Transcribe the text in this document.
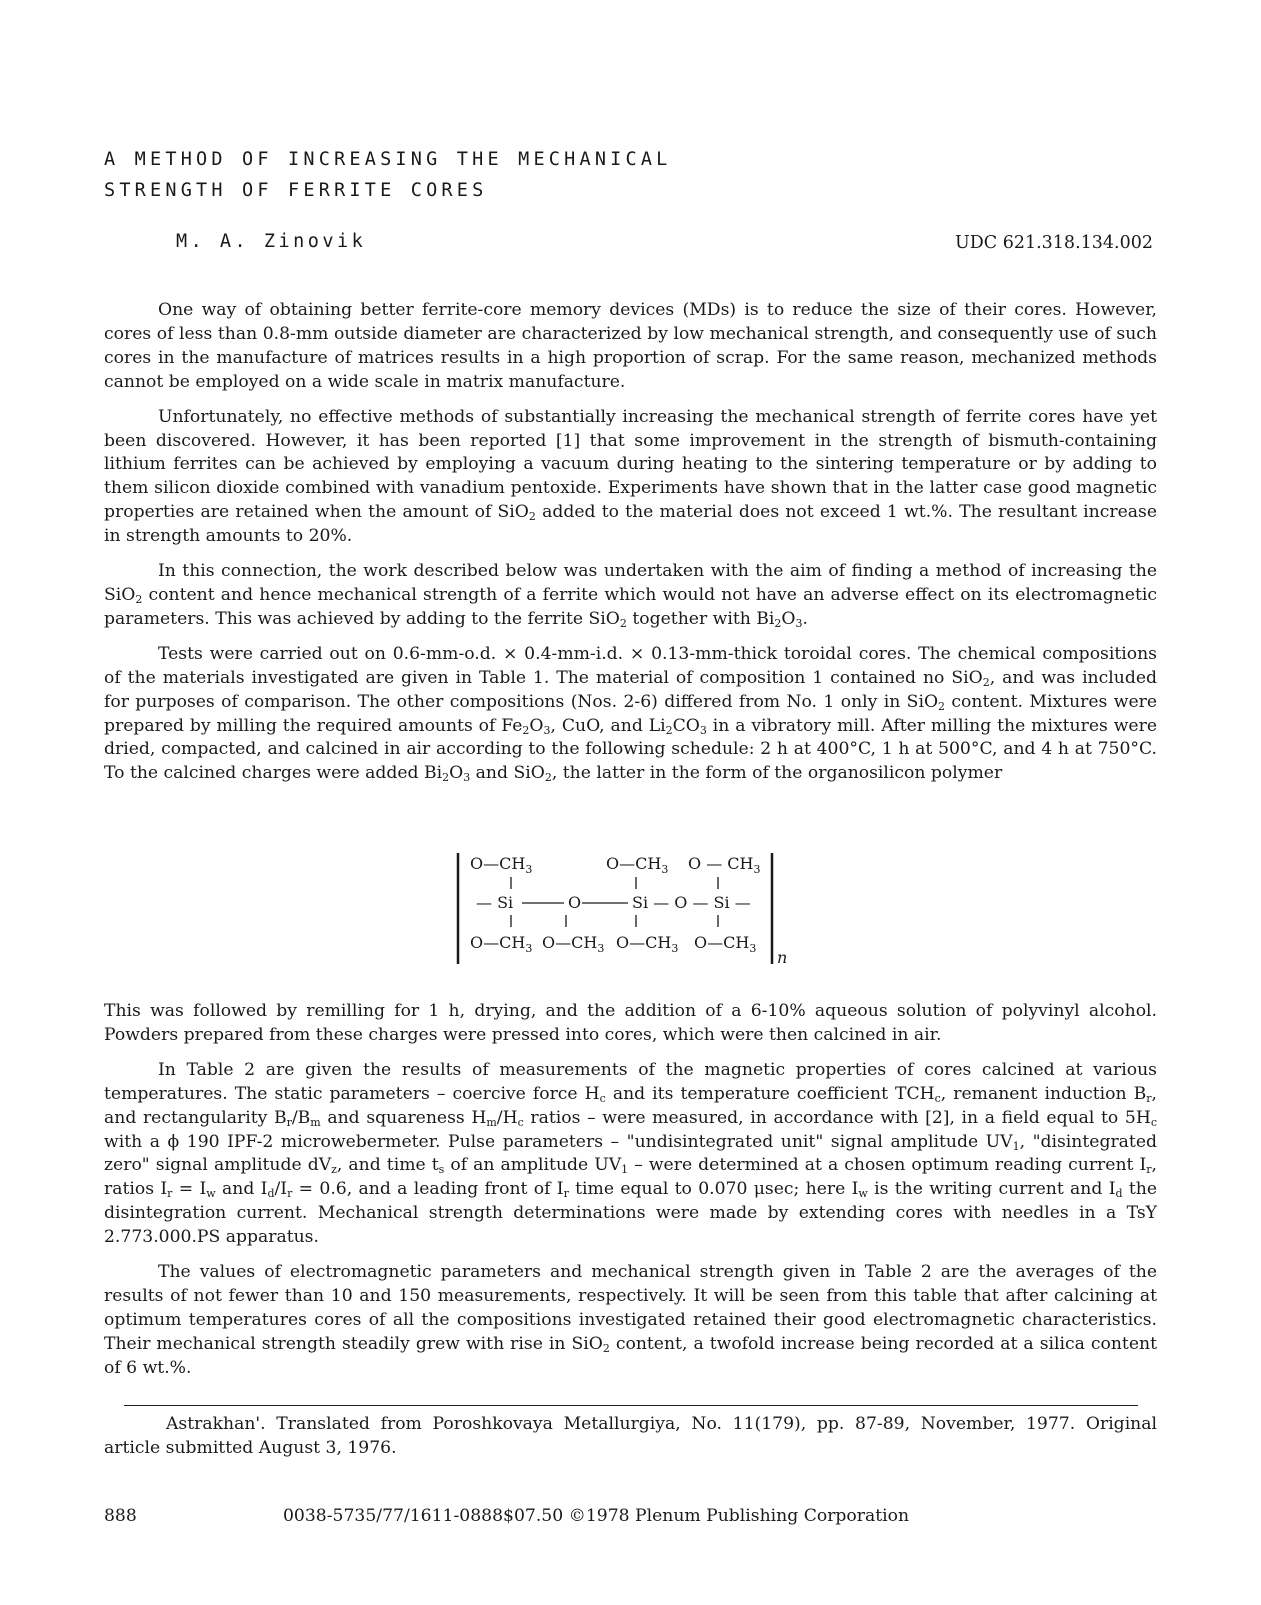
A METHOD OF INCREASING THE MECHANICAL
STRENGTH OF FERRITE CORES
M. A. Zinovik	UDC 621.318.134.002

One way of obtaining better ferrite-core memory devices (MDs) is to reduce the size of their cores. However, cores of less than 0.8-mm outside diameter are characterized by low mechanical strength, and consequently use of such cores in the manufacture of matrices results in a high proportion of scrap. For the same reason, mechanized methods cannot be employed on a wide scale in matrix manufacture.

Unfortunately, no effective methods of substantially increasing the mechanical strength of ferrite cores have yet been discovered. However, it has been reported [1] that some improvement in the strength of bismuth-containing lithium ferrites can be achieved by employing a vacuum during heating to the sintering temperature or by adding to them silicon dioxide combined with vanadium pentoxide. Experiments have shown that in the latter case good magnetic properties are retained when the amount of SiO$_2$ added to the material does not exceed 1 wt.%. The resultant increase in strength amounts to 20%.

In this connection, the work described below was undertaken with the aim of finding a method of increasing the SiO$_2$ content and hence mechanical strength of a ferrite which would not have an adverse effect on its electromagnetic parameters. This was achieved by adding to the ferrite SiO$_2$ together with $Bi_2O_3$.

Tests were carried out on 0.6-mm-o.d. × 0.4-mm-i.d. × 0.13-mm-thick toroidal cores. The chemical compositions of the materials investigated are given in Table 1. The material of composition 1 contained no SiO$_2$, and was included for purposes of comparison. The other compositions (Nos. 2-6) differed from No. 1 only in SiO$_2$ content. Mixtures were prepared by milling the required amounts of $Fe_2O_3$, CuO, and $Li_2CO_3$ in a vibratory mill. After milling the mixtures were dried, compacted, and calcined in air according to the following schedule: 2 h at 400°C, 1 h at 500°C, and 4 h at 750°C. To the calcined charges were added $Bi_2O_3$ and SiO$_2$, the latter in the form of the organosilicon polymer

$O—CH_3$	$O—CH_3$ O — $CH_3$
— Si	O	Si — O — Si —
$O—CH_3$ $O—CH_3$ $O—CH_3$ $O—CH_3$ n

This was followed by remilling for 1 h, drying, and the addition of a 6-10% aqueous solution of polyvinyl alcohol. Powders prepared from these charges were pressed into cores, which were then calcined in air.

In Table 2 are given the results of measurements of the magnetic properties of cores calcined at various temperatures. The static parameters – coercive force $H_c$ and its temperature coefficient $TCH_c$, remanent induction $B_r$, and rectangularity $B_r/B_m$ and squareness $H_m/H_c$ ratios – were measured, in accordance with [2], in a field equal to $5H_c$ with a ϕ 190 IPF-2 microwebermeter. Pulse parameters – "undisintegrated unit" signal amplitude $UV_1$, "disintegrated zero" signal amplitude $dV_z$, and time $t_s$ of an amplitude $UV_1$ – were determined at a chosen optimum reading current $I_r$, ratios $I_r = I_w$ and $I_d/I_r = 0.6$, and a leading front of $I_r$ time equal to 0.070 μsec; here $I_w$ is the writing current and $I_d$ the disintegration current. Mechanical strength determinations were made by extending cores with needles in a TsY 2.773.000.PS apparatus.

The values of electromagnetic parameters and mechanical strength given in Table 2 are the averages of the results of not fewer than 10 and 150 measurements, respectively. It will be seen from this table that after calcining at optimum temperatures cores of all the compositions investigated retained their good electromagnetic characteristics. Their mechanical strength steadily grew with rise in SiO$_2$ content, a twofold increase being recorded at a silica content of 6 wt.%.

Astrakhan'. Translated from Poroshkovaya Metallurgiya, No. 11(179), pp. 87-89, November, 1977. Original article submitted August 3, 1976.

888	0038-5735/77/1611-0888$07.50 ©1978 Plenum Publishing Corporation
